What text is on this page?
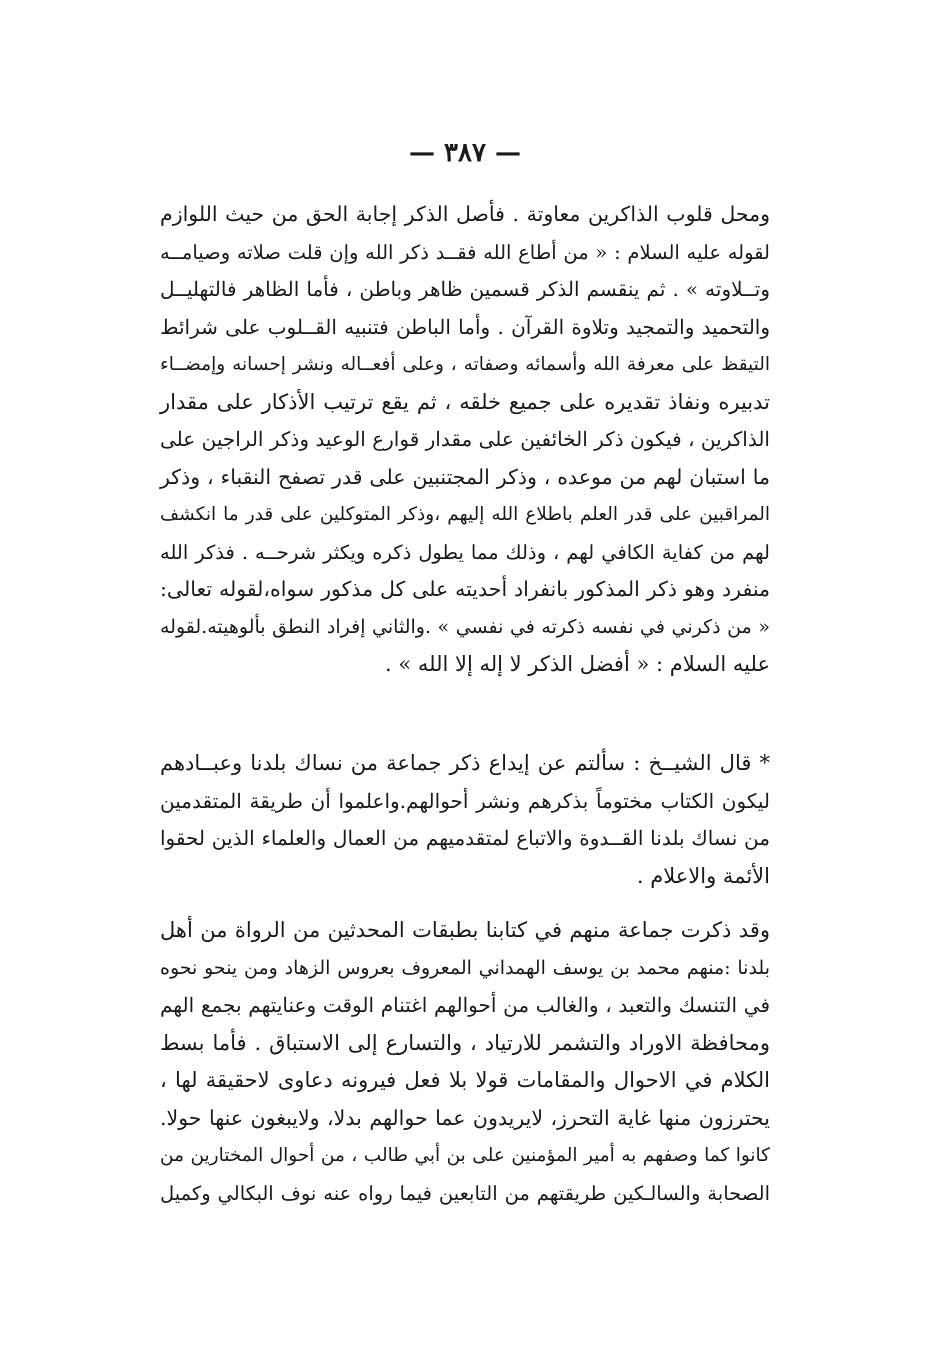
— ٣٨٧ —
ومحل قلوب الذاكرين معاوتة . فأصل الذكر إجابة الحق من حيث اللوازم
لقوله عليه السلام : « من أطاع الله فقــد ذكر الله وإن قلت صلاته وصيامــه
وتــلاوته » . ثم ينقسم الذكر قسمين ظاهر وباطن ، فأما الظاهر فالتهليــل
والتحميد والتمجيد وتلاوة القرآن . وأما الباطن فتنبيه القــلوب على شرائط
التيقظ على معرفة الله وأسمائه وصفاته ، وعلى أفعــاله ونشر إحسانه وإمضــاء
تدبيره ونفاذ تقديره على جميع خلقه ، ثم يقع ترتيب الأذكار على مقدار
الذاكرين ، فيكون ذكر الخائفين على مقدار قوارع الوعيد وذكر الراجين على
ما استبان لهم من موعده ، وذكر المجتنبين على قدر تصفح النقباء ، وذكر
المراقبين على قدر العلم باطلاع الله إليهم ،وذكر المتوكلين على قدر ما انكشف
لهم من كفاية الكافي لهم ، وذلك مما يطول ذكره ويكثر شرحــه . فذكر الله
منفرد وهو ذكر المذكور بانفراد أحديته على كل مذكور سواه،لقوله تعالى:
« من ذكرني في نفسه ذكرته في نفسي » .والثاني إفراد النطق بألوهيته.لقوله
عليه السلام : « أفضل الذكر لا إله إلا الله » .
* قال الشيــخ : سألتم عن إيداع ذكر جماعة من نساك بلدنا وعبــادهم
ليكون الكتاب مختوماً بذكرهم ونشر أحوالهم.واعلموا أن طريقة المتقدمين
من نساك بلدنا القــدوة والاتباع لمتقدميهم من العمال والعلماء الذين لحقوا
الأئمة والاعلام .
وقد ذكرت جماعة منهم في كتابنا بطبقات المحدثين من الرواة من أهل
بلدنا :منهم محمد بن يوسف الهمداني المعروف بعروس الزهاد ومن ينحو نحوه
في التنسك والتعبد ، والغالب من أحوالهم اغتنام الوقت وعنايتهم بجمع الهم
ومحافظة الاوراد والتشمر للارتياد ، والتسارع إلى الاستباق . فأما بسط
الكلام في الاحوال والمقامات قولا بلا فعل فيرونه دعاوى لاحقيقة لها ،
يحترزون منها غاية التحرز، لايريدون عما حوالهم بدلا، ولايبغون عنها حولا.
كانوا كما وصفهم به أمير المؤمنين على بن أبي طالب ، من أحوال المختارين من
الصحابة والسالـكين طريقتهم من التابعين فيما رواه عنه نوف البكالي وكميل
